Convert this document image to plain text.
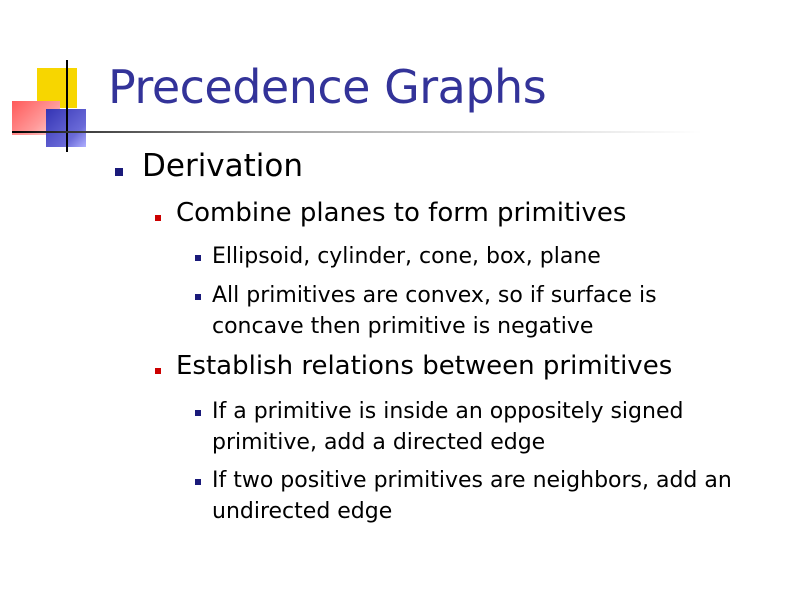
Precedence Graphs
Derivation
Combine planes to form primitives
Ellipsoid, cylinder, cone, box, plane
All primitives are convex, so if surface is concave then primitive is negative
Establish relations between primitives
If a primitive is inside an oppositely signed primitive, add a directed edge
If two positive primitives are neighbors, add an undirected edge
